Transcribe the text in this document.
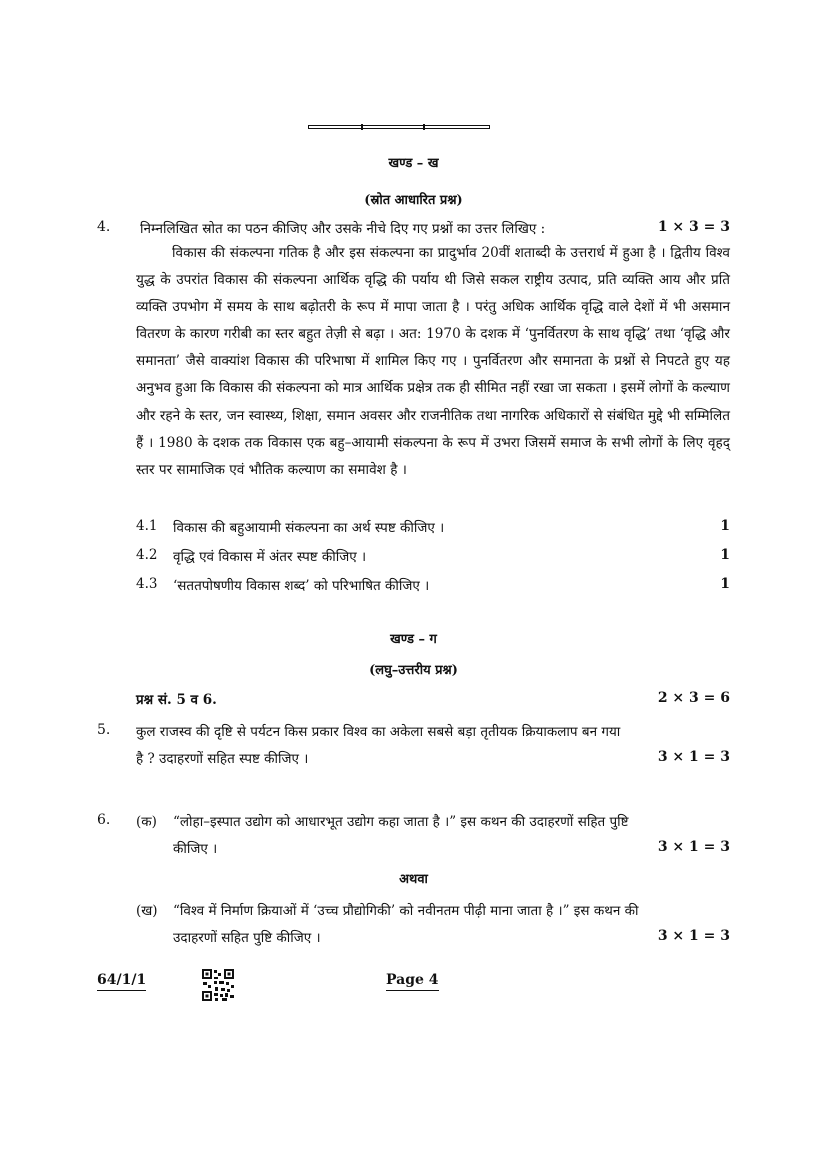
खण्ड – ख
(स्रोत आधारित प्रश्न)
4. निम्नलिखित स्रोत का पठन कीजिए और उसके नीचे दिए गए प्रश्नों का उत्तर लिखिए :	1 × 3 = 3
विकास की संकल्पना गतिक है और इस संकल्पना का प्रादुर्भाव 20वीं शताब्दी के उत्तरार्ध में हुआ है । द्वितीय विश्व युद्ध के उपरांत विकास की संकल्पना आर्थिक वृद्धि की पर्याय थी जिसे सकल राष्ट्रीय उत्पाद, प्रति व्यक्ति आय और प्रति व्यक्ति उपभोग में समय के साथ बढ़ोतरी के रूप में मापा जाता है । परंतु अधिक आर्थिक वृद्धि वाले देशों में भी असमान वितरण के कारण गरीबी का स्तर बहुत तेज़ी से बढ़ा । अत: 1970 के दशक में ‘पुनर्वितरण के साथ वृद्धि’ तथा ‘वृद्धि और समानता’ जैसे वाक्यांश विकास की परिभाषा में शामिल किए गए । पुनर्वितरण और समानता के प्रश्नों से निपटते हुए यह अनुभव हुआ कि विकास की संकल्पना को मात्र आर्थिक प्रक्षेत्र तक ही सीमित नहीं रखा जा सकता । इसमें लोगों के कल्याण और रहने के स्तर, जन स्वास्थ्य, शिक्षा, समान अवसर और राजनीतिक तथा नागरिक अधिकारों से संबंधित मुद्दे भी सम्मिलित हैं । 1980 के दशक तक विकास एक बहु–आयामी संकल्पना के रूप में उभरा जिसमें समाज के सभी लोगों के लिए वृहद् स्तर पर सामाजिक एवं भौतिक कल्याण का समावेश है ।
4.1 विकास की बहुआयामी संकल्पना का अर्थ स्पष्ट कीजिए ।	1
4.2 वृद्धि एवं विकास में अंतर स्पष्ट कीजिए ।	1
4.3 ‘सततपोषणीय विकास शब्द’ को परिभाषित कीजिए ।	1
खण्ड – ग
(लघु–उत्तरीय प्रश्न)
प्रश्न सं. 5 व 6.	2 × 3 = 6
5. कुल राजस्व की दृष्टि से पर्यटन किस प्रकार विश्व का अकेला सबसे बड़ा तृतीयक क्रियाकलाप बन गया
है ? उदाहरणों सहित स्पष्ट कीजिए ।	3 × 1 = 3
6. (क) “लोहा–इस्पात उद्योग को आधारभूत उद्योग कहा जाता है ।” इस कथन की उदाहरणों सहित पुष्टि
कीजिए ।	3 × 1 = 3
अथवा
(ख) “विश्व में निर्माण क्रियाओं में ‘उच्च प्रौद्योगिकी’ को नवीनतम पीढ़ी माना जाता है ।” इस कथन की
उदाहरणों सहित पुष्टि कीजिए ।	3 × 1 = 3
64/1/1	Page 4
